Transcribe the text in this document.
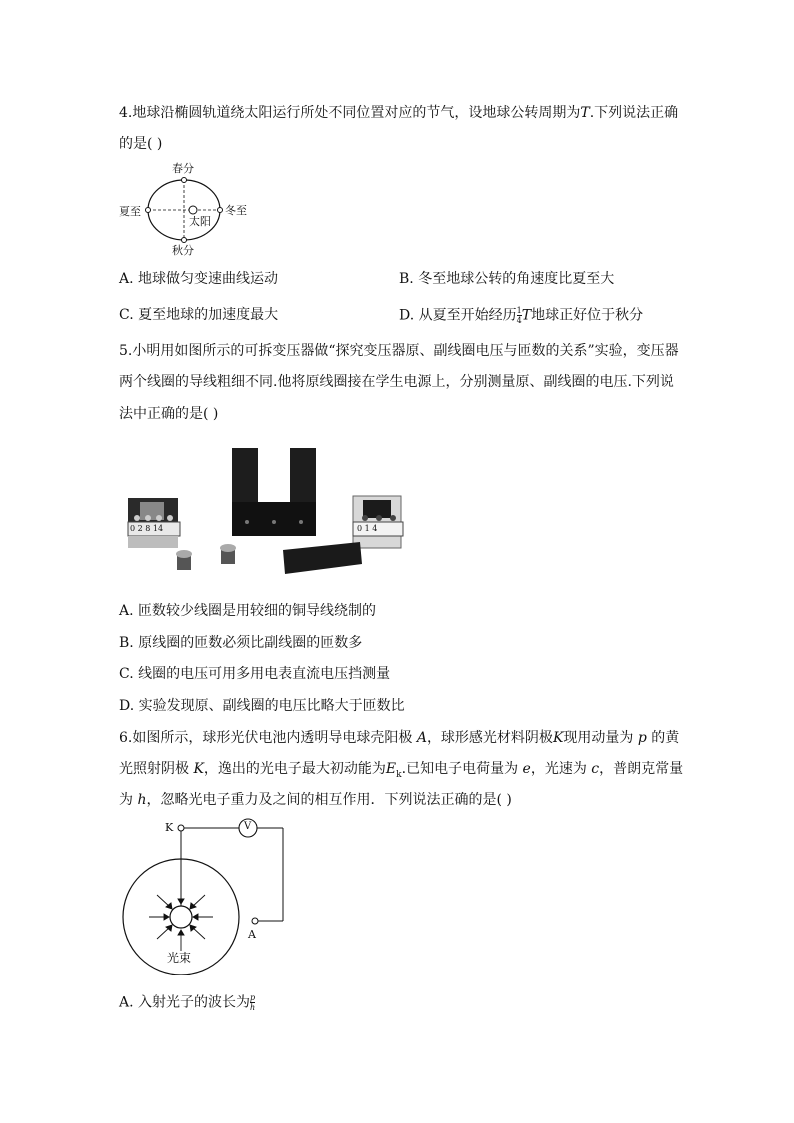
4.地球沿椭圆轨道绕太阳运行所处不同位置对应的节气，设地球公转周期为T.下列说法正确
的是( )
春分
夏至	冬至
太阳
秋分
A. 地球做匀变速曲线运动	B. 冬至地球公转的角速度比夏至大
C. 夏至地球的加速度最大	D. 从夏至开始经历 $\frac{1}{4}$ T地球正好位于秋分
5.小明用如图所示的可拆变压器做“探究变压器原、副线圈电压与匝数的关系”实验，变压器
两个线圈的导线粗细不同.他将原线圈接在学生电源上，分别测量原、副线圈的电压.下列说
法中正确的是( )
0 2 8 14	0 1 4
A. 匝数较少线圈是用较细的铜导线绕制的
B. 原线圈的匝数必须比副线圈的匝数多
C. 线圈的电压可用多用电表直流电压挡测量
D. 实验发现原、副线圈的电压比略大于匝数比
6.如图所示，球形光伏电池内透明导电球壳阳极 A，球形感光材料阴极K现用动量为 p 的黄
光照射阴极 K，逸出的光电子最大初动能为$E_k$.已知电子电荷量为 e，光速为 c，普朗克常量
为 h，忽略光电子重力及之间的相互作用．下列说法正确的是( )
K	V
A
光束
A. 入射光子的波长为 $\frac{p}{h}$
